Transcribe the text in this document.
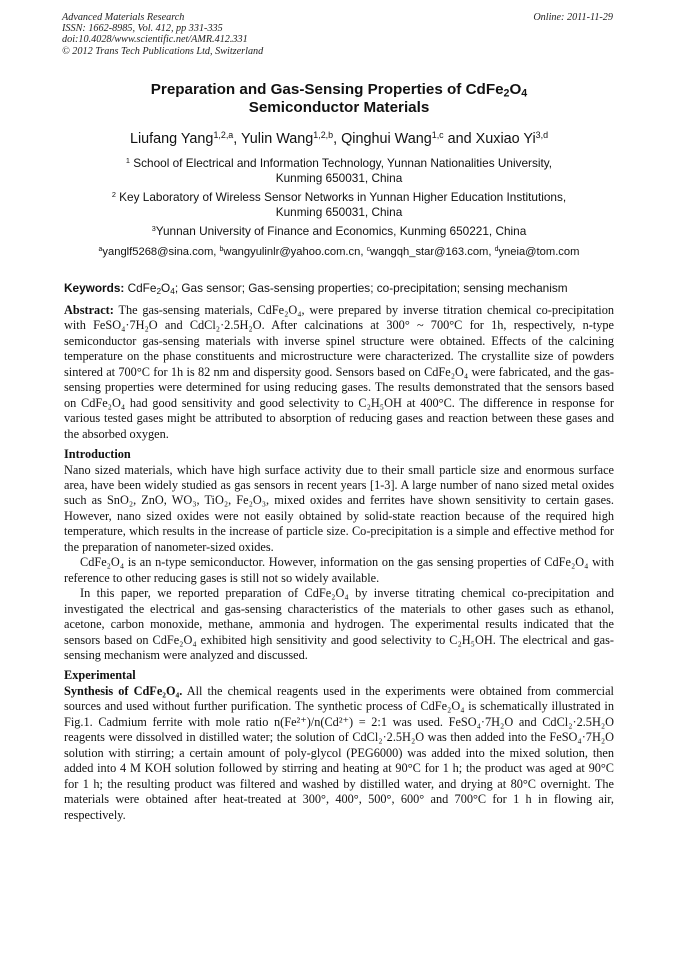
Advanced Materials Research
ISSN: 1662-8985, Vol. 412, pp 331-335
doi:10.4028/www.scientific.net/AMR.412.331
© 2012 Trans Tech Publications Ltd, Switzerland
Online: 2011-11-29
Preparation and Gas-Sensing Properties of $CdFe_2O_4$
Semiconductor Materials
Liufang Yang$^{1,2,a}$, Yulin Wang$^{1,2,b}$, Qinghui Wang$^{1,c}$ and Xuxiao Yi$^{3,d}$
$^1$ School of Electrical and Information Technology, Yunnan Nationalities University,
Kunming 650031, China
$^2$ Key Laboratory of Wireless Sensor Networks in Yunnan Higher Education Institutions,
Kunming 650031, China
$^3$Yunnan University of Finance and Economics, Kunming 650221, China
$^a$yanglf5268@sina.com, $^b$wangyulinlr@yahoo.com.cn, $^c$wangqh_star@163.com, $^d$yneia@tom.com
Keywords: $CdFe_2O_4$; Gas sensor; Gas-sensing properties; co-precipitation; sensing mechanism

Abstract: The gas-sensing materials, CdFe₂O₄, were prepared by inverse titration chemical co-precipitation with FeSO₄·7H₂O and CdCl₂·2.5H₂O. After calcinations at 300° ~ 700°C for 1h, respectively, n-type semiconductor gas-sensing materials with inverse spinel structure were obtained. Effects of the calcining temperature on the phase constituents and microstructure were characterized. The crystallite size of powders sintered at 700°C for 1h is 82 nm and dispersity good. Sensors based on CdFe₂O₄ were fabricated, and the gas-sensing properties were determined for using reducing gases. The results demonstrated that the sensors based on CdFe₂O₄ had good sensitivity and good selectivity to C₂H₅OH at 400°C. The difference in response for various tested gases might be attributed to absorption of reducing gases and reaction between these gases and the absorbed oxygen.

Introduction

Nano sized materials, which have high surface activity due to their small particle size and enormous surface area, have been widely studied as gas sensors in recent years [1-3]. A large number of nano sized metal oxides such as SnO₂, ZnO, WO₃, TiO₂, Fe₂O₃, mixed oxides and ferrites have shown sensitivity to certain gases. However, nano sized oxides were not easily obtained by solid-state reaction because of the required high temperature, which results in the increase of particle size. Co-precipitation is a simple and effective method for the preparation of nanometer-sized oxides.

CdFe₂O₄ is an n-type semiconductor. However, information on the gas sensing properties of CdFe₂O₄ with reference to other reducing gases is still not so widely available.

In this paper, we reported preparation of CdFe₂O₄ by inverse titrating chemical co-precipitation and investigated the electrical and gas-sensing characteristics of the materials to other gases such as ethanol, acetone, carbon monoxide, methane, ammonia and hydrogen. The experimental results indicated that the sensors based on CdFe₂O₄ exhibited high sensitivity and good selectivity to C₂H₅OH. The electrical and gas-sensing mechanism were analyzed and discussed.

Experimental

Synthesis of CdFe₂O₄. All the chemical reagents used in the experiments were obtained from commercial sources and used without further purification. The synthetic process of CdFe₂O₄ is schematically illustrated in Fig.1. Cadmium ferrite with mole ratio n(Fe²⁺)/n(Cd²⁺) = 2:1 was used. FeSO₄·7H₂O and CdCl₂·2.5H₂O reagents were dissolved in distilled water; the solution of CdCl₂·2.5H₂O was then added into the FeSO₄·7H₂O solution with stirring; a certain amount of poly-glycol (PEG6000) was added into the mixed solution, then added into 4 M KOH solution followed by stirring and heating at 90°C for 1 h; the product was aged at 90°C for 1 h; the resulting product was filtered and washed by distilled water, and drying at 80°C overnight. The materials were obtained after heat-treated at 300°, 400°, 500°, 600° and 700°C for 1 h in flowing air, respectively.
